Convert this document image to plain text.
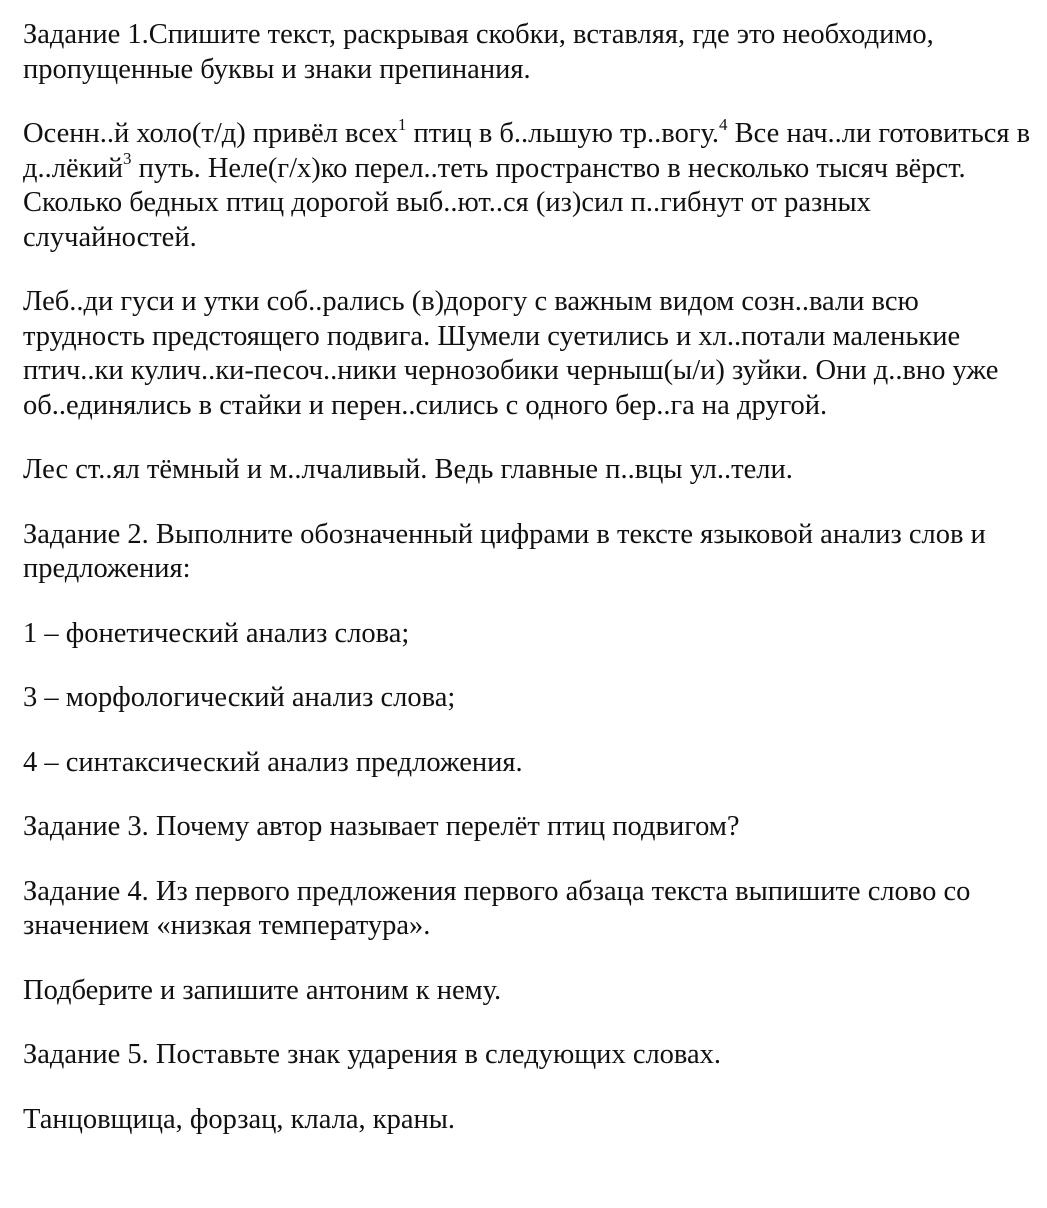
Задание 1.Спишите текст, раскрывая скобки, вставляя, где это необходимо, пропущенные буквы и знаки препинания.

Осенн..й холо(т/д) привёл всех$^1$ птиц в б..льшую тр..вогу.$^4$ Все нач..ли готовиться в д..лёкий$^3$ путь. Неле(г/х)ко перел..теть пространство в несколько тысяч вёрст. Сколько бедных птиц дорогой выб..ют..ся (из)сил п..гибнут от разных случайностей.

Леб..ди гуси и утки соб..рались (в)дорогу с важным видом созн..вали всю трудность предстоящего подвига. Шумели суетились и хл..потали маленькие птич..ки кулич..ки-песоч..ники чернозобики черныш(ы/и) зуйки. Они д..вно уже об..единялись в стайки и перен..сились с одного бер..га на другой.

Лес ст..ял тёмный и м..лчаливый. Ведь главные п..вцы ул..тели.

Задание 2. Выполните обозначенный цифрами в тексте языковой анализ слов и предложения:

1 – фонетический анализ слова;

3 – морфологический анализ слова;

4 – синтаксический анализ предложения.

Задание 3. Почему автор называет перелёт птиц подвигом?

Задание 4. Из первого предложения первого абзаца текста выпишите слово со значением «низкая температура».

Подберите и запишите антоним к нему.

Задание 5. Поставьте знак ударения в следующих словах.

Танцовщица, форзац, клала, краны.
